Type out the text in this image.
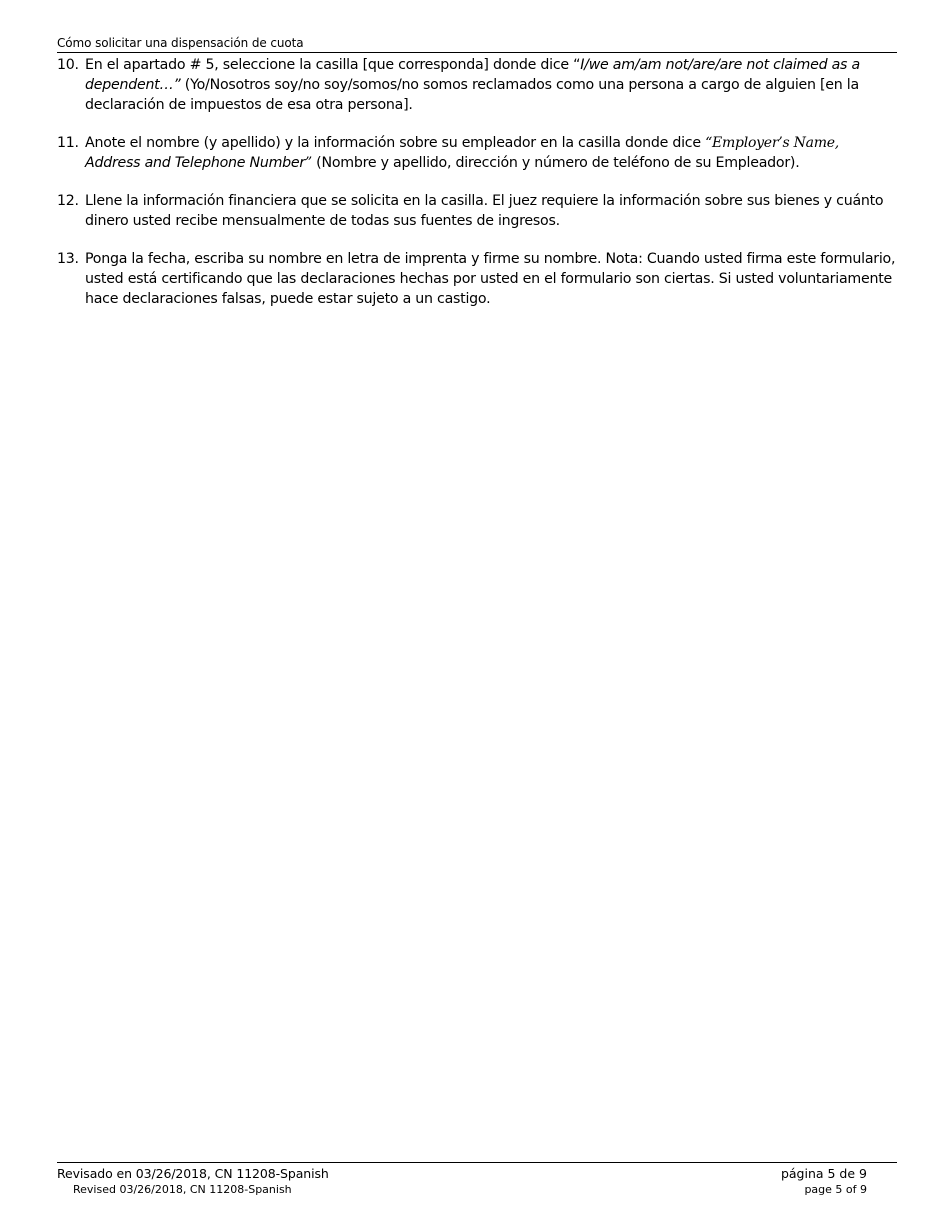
Cómo solicitar una dispensación de cuota
10. En el apartado # 5, seleccione la casilla [que corresponda] donde dice “I/we am/am not/are/are not claimed as a dependent…” (Yo/Nosotros soy/no soy/somos/no somos reclamados como una persona a cargo de alguien [en la declaración de impuestos de esa otra persona].
11. Anote el nombre (y apellido) y la información sobre su empleador en la casilla donde dice “Employer’s Name, Address and Telephone Number” (Nombre y apellido, dirección y número de teléfono de su Empleador).
12. Llene la información financiera que se solicita en la casilla. El juez requiere la información sobre sus bienes y cuánto dinero usted recibe mensualmente de todas sus fuentes de ingresos.
13. Ponga la fecha, escriba su nombre en letra de imprenta y firme su nombre. Nota: Cuando usted firma este formulario, usted está certificando que las declaraciones hechas por usted en el formulario son ciertas. Si usted voluntariamente hace declaraciones falsas, puede estar sujeto a un castigo.
Revisado en 03/26/2018, CN 11208-Spanish
Revised 03/26/2018, CN 11208-Spanish
página 5 de 9
page 5 of 9
